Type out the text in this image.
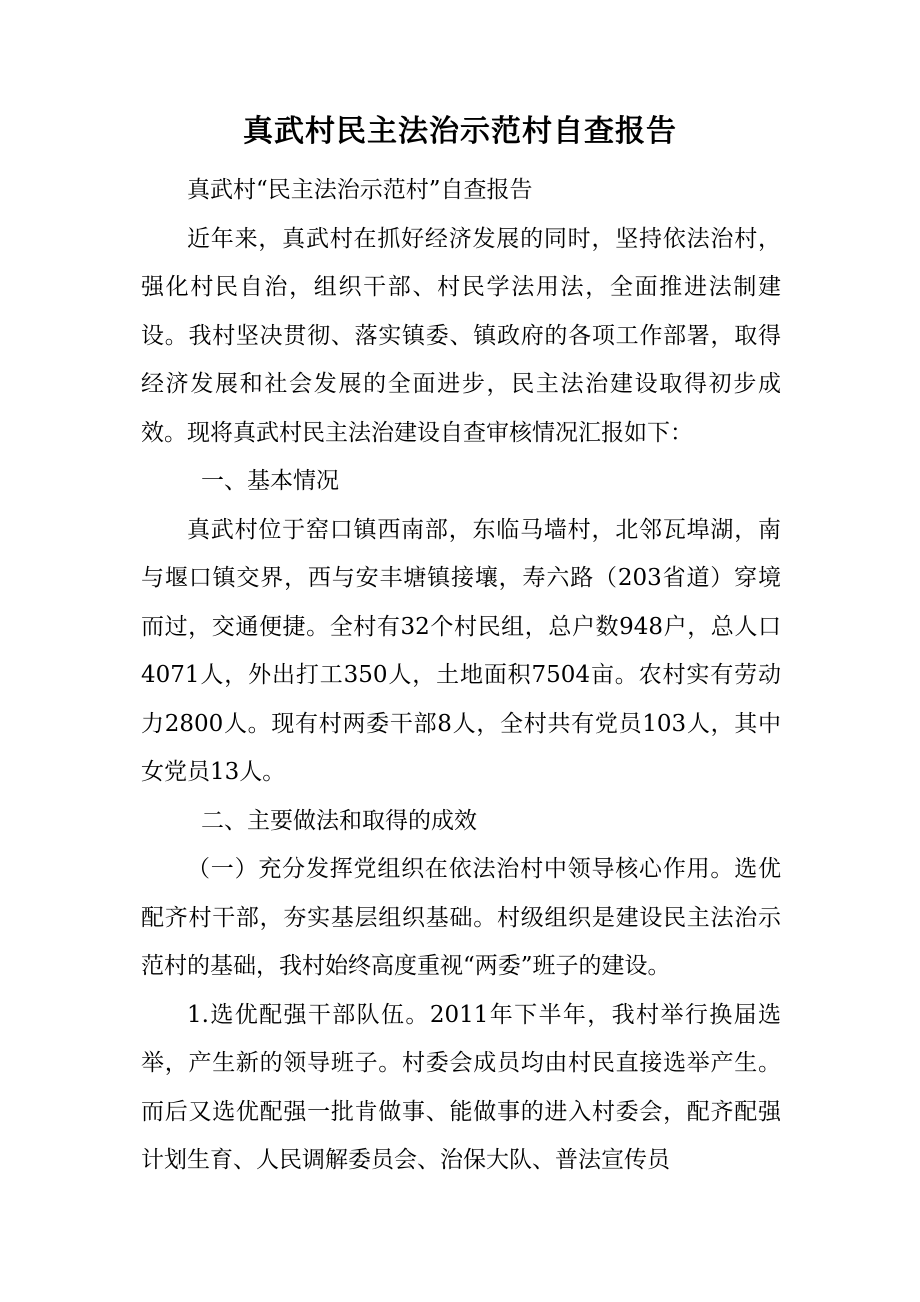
真武村民主法治示范村自查报告

真武村“民主法治示范村”自查报告

近年来，真武村在抓好经济发展的同时，坚持依法治村，强化村民自治，组织干部、村民学法用法，全面推进法制建设。我村坚决贯彻、落实镇委、镇政府的各项工作部署，取得经济发展和社会发展的全面进步，民主法治建设取得初步成效。现将真武村民主法治建设自查审核情况汇报如下：

一、基本情况

真武村位于窑口镇西南部，东临马墙村，北邻瓦埠湖，南与堰口镇交界，西与安丰塘镇接壤，寿六路（203省道）穿境而过，交通便捷。全村有32个村民组，总户数948户，总人口4071人，外出打工350人，土地面积7504亩。农村实有劳动力2800人。现有村两委干部8人，全村共有党员103人，其中女党员13人。

二、主要做法和取得的成效

（一）充分发挥党组织在依法治村中领导核心作用。选优配齐村干部，夯实基层组织基础。村级组织是建设民主法治示范村的基础，我村始终高度重视“两委”班子的建设。

1.选优配强干部队伍。2011年下半年，我村举行换届选举，产生新的领导班子。村委会成员均由村民直接选举产生。而后又选优配强一批肯做事、能做事的进入村委会，配齐配强计划生育、人民调解委员会、治保大队、普法宣传员
